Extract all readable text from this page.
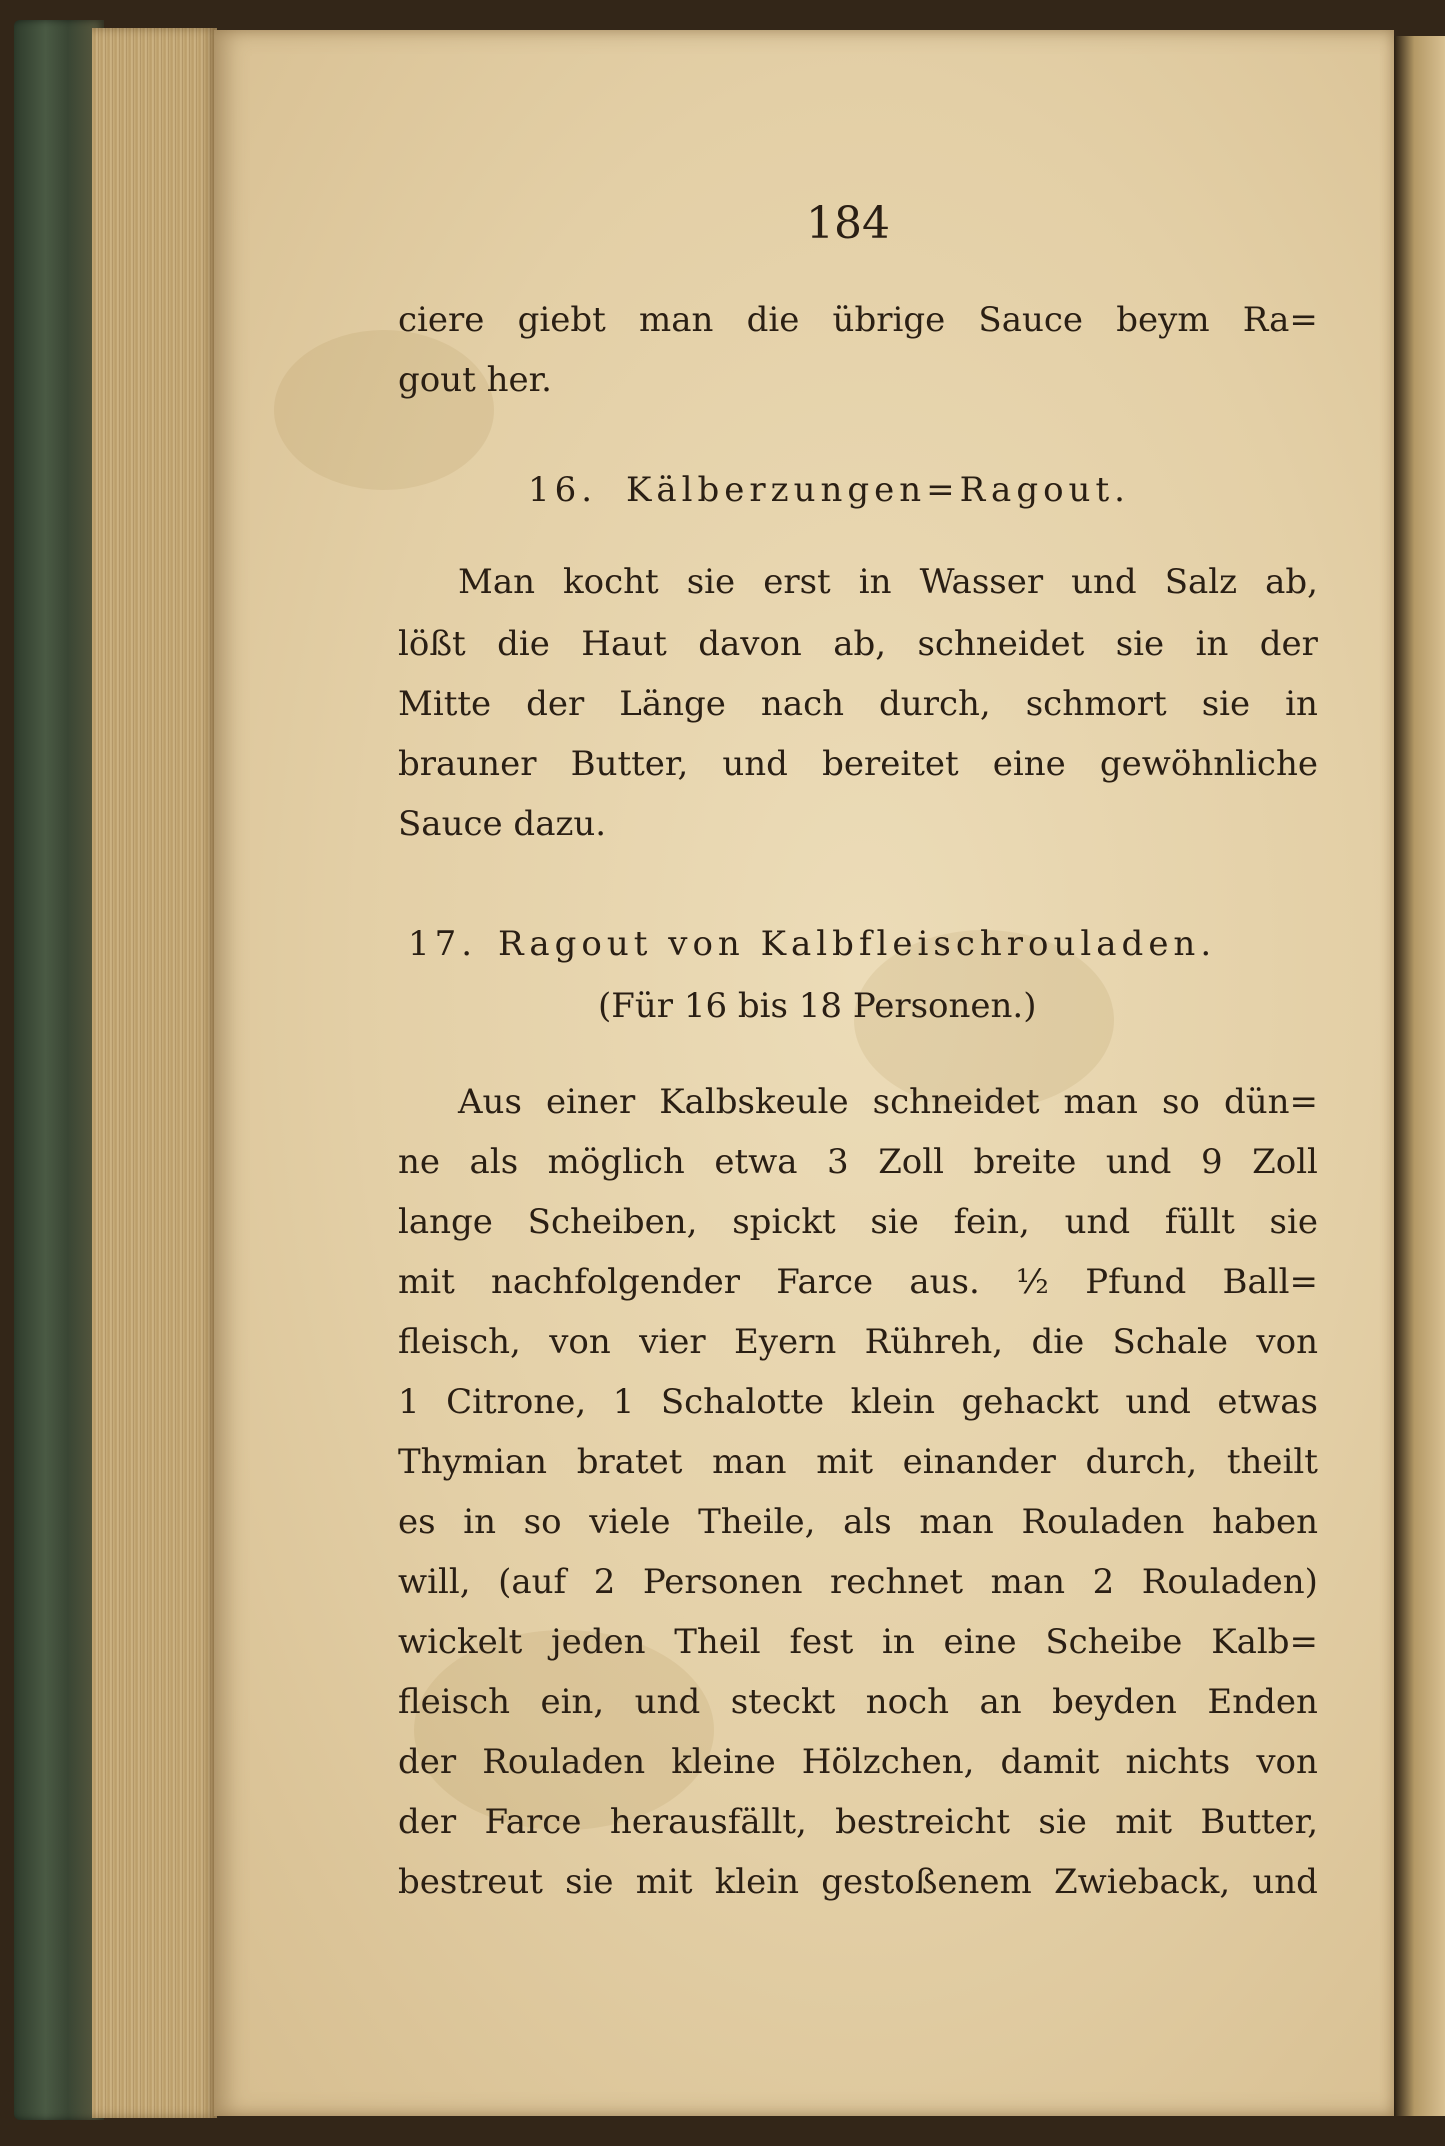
184
ciere giebt man die übrige Sauce beym Ra=
gout her.
16. Kälberzungen=Ragout.
Man kocht sie erst in Wasser und Salz ab,
lößt die Haut davon ab, schneidet sie in der
Mitte der Länge nach durch, schmort sie in
brauner Butter, und bereitet eine gewöhnliche
Sauce dazu.
17. Ragout von Kalbfleischrouladen.
(Für 16 bis 18 Personen.)
Aus einer Kalbskeule schneidet man so dün=
ne als möglich etwa 3 Zoll breite und 9 Zoll
lange Scheiben, spickt sie fein, und füllt sie
mit nachfolgender Farce aus. ½ Pfund Ball=
fleisch, von vier Eyern Rühreh, die Schale von
1 Citrone, 1 Schalotte klein gehackt und etwas
Thymian bratet man mit einander durch, theilt
es in so viele Theile, als man Rouladen haben
will, (auf 2 Personen rechnet man 2 Rouladen)
wickelt jeden Theil fest in eine Scheibe Kalb=
fleisch ein, und steckt noch an beyden Enden
der Rouladen kleine Hölzchen, damit nichts von
der Farce herausfällt, bestreicht sie mit Butter,
bestreut sie mit klein gestoßenem Zwieback, und
